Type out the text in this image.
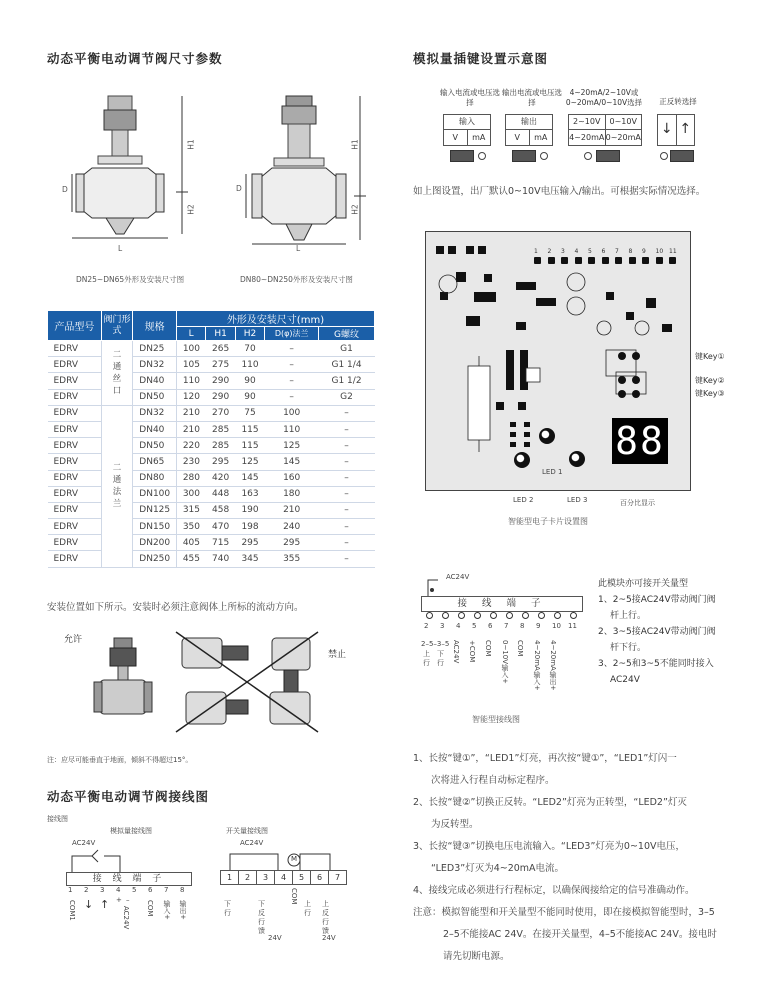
动态平衡电动调节阀尺寸参数
D
L
H1
H2
DN25~DN65外形及安装尺寸图
D
L
H1
H2
DN80~DN250外形及安装尺寸图
产品型号	阀门形式	规格	外形及安装尺寸(mm)				
			L	H1	H2	D(φ)法兰	G螺纹
EDRV	二通丝口	DN25	100	265	70	–	G1
EDRV		DN32	105	275	110	–	G1 1/4
EDRV		DN40	110	290	90	–	G1 1/2
EDRV		DN50	120	290	90	–	G2
EDRV	二通法兰	DN32	210	270	75	100	–
EDRV		DN40	210	285	115	110	–
EDRV		DN50	220	285	115	125	–
EDRV		DN65	230	295	125	145	–
EDRV		DN80	280	420	145	160	–
EDRV		DN100	300	448	163	180	–
EDRV		DN125	315	458	190	210	–
EDRV		DN150	350	470	198	240	–
EDRV		DN200	405	715	295	295	–
EDRV		DN250	455	740	345	355	–
安装位置如下所示。安装时必须注意阀体上所标的流动方向。
允许
禁止
注：应尽可能垂直于地面，倾斜不得超过15°。
动态平衡电动调节阀接线图
接线图
模拟量接线图
AC24V
接 线 端 子
1 2 3 4 5 6 7 8
COM1 ↓ ↑ + –
AC24V COM 输入+ 输出+
开关量接线图
AC24V
M
1	2	3	4	5	6	7
下行
下反行馈
COM 上行
上反行馈
24V	24V
模拟量插键设置示意图
输入电流或电压选择
输入
V	mA
输出电流或电压选择
输出
V	mA
4~20mA/2~10V或0~20mA/0~10V选择
2~10V	0~10V
4~20mA 0~20mA
正反转选择
↓ ↑
如上图设置，出厂默认0~10V电压输入/输出。可根据实际情况选择。
1 2 3 4 5 6 7 8 9 10 11
88
LED 1
键Key①
键Key②
键Key③
LED 2	LED 3	百分比显示
智能型电子卡片设置图
AC24V
接 线 端 子
2 3 4 5 6 7 8 9 10 11
2–5–3–5
上行
下行 AC24V +COM COM 0~10V输入+ COM 4~20mA输入+ 4~20mA输出+
智能型接线图
此模块亦可接开关量型
1、2~5接AC24V带动阀门阀
杆上行。
2、3~5接AC24V带动阀门阀
杆下行。
3、2~5和3~5不能同时接入
AC24V
1、长按“键①”，“LED1”灯亮，再次按“键①”，“LED1”灯闪一
次将进入行程自动标定程序。
2、长按“键②”切换正反转。“LED2”灯亮为正转型，“LED2”灯灭
为反转型。
3、长按“键③”切换电压电流输入。“LED3”灯亮为0~10V电压，
“LED3”灯灭为4~20mA电流。
4、接线完成必须进行行程标定，以确保阀接给定的信号准确动作。
注意：模拟智能型和开关量型不能同时使用，即在接模拟智能型时，3–5
2–5不能接AC 24V。在接开关量型，4–5不能接AC 24V。接电时
请先切断电源。
